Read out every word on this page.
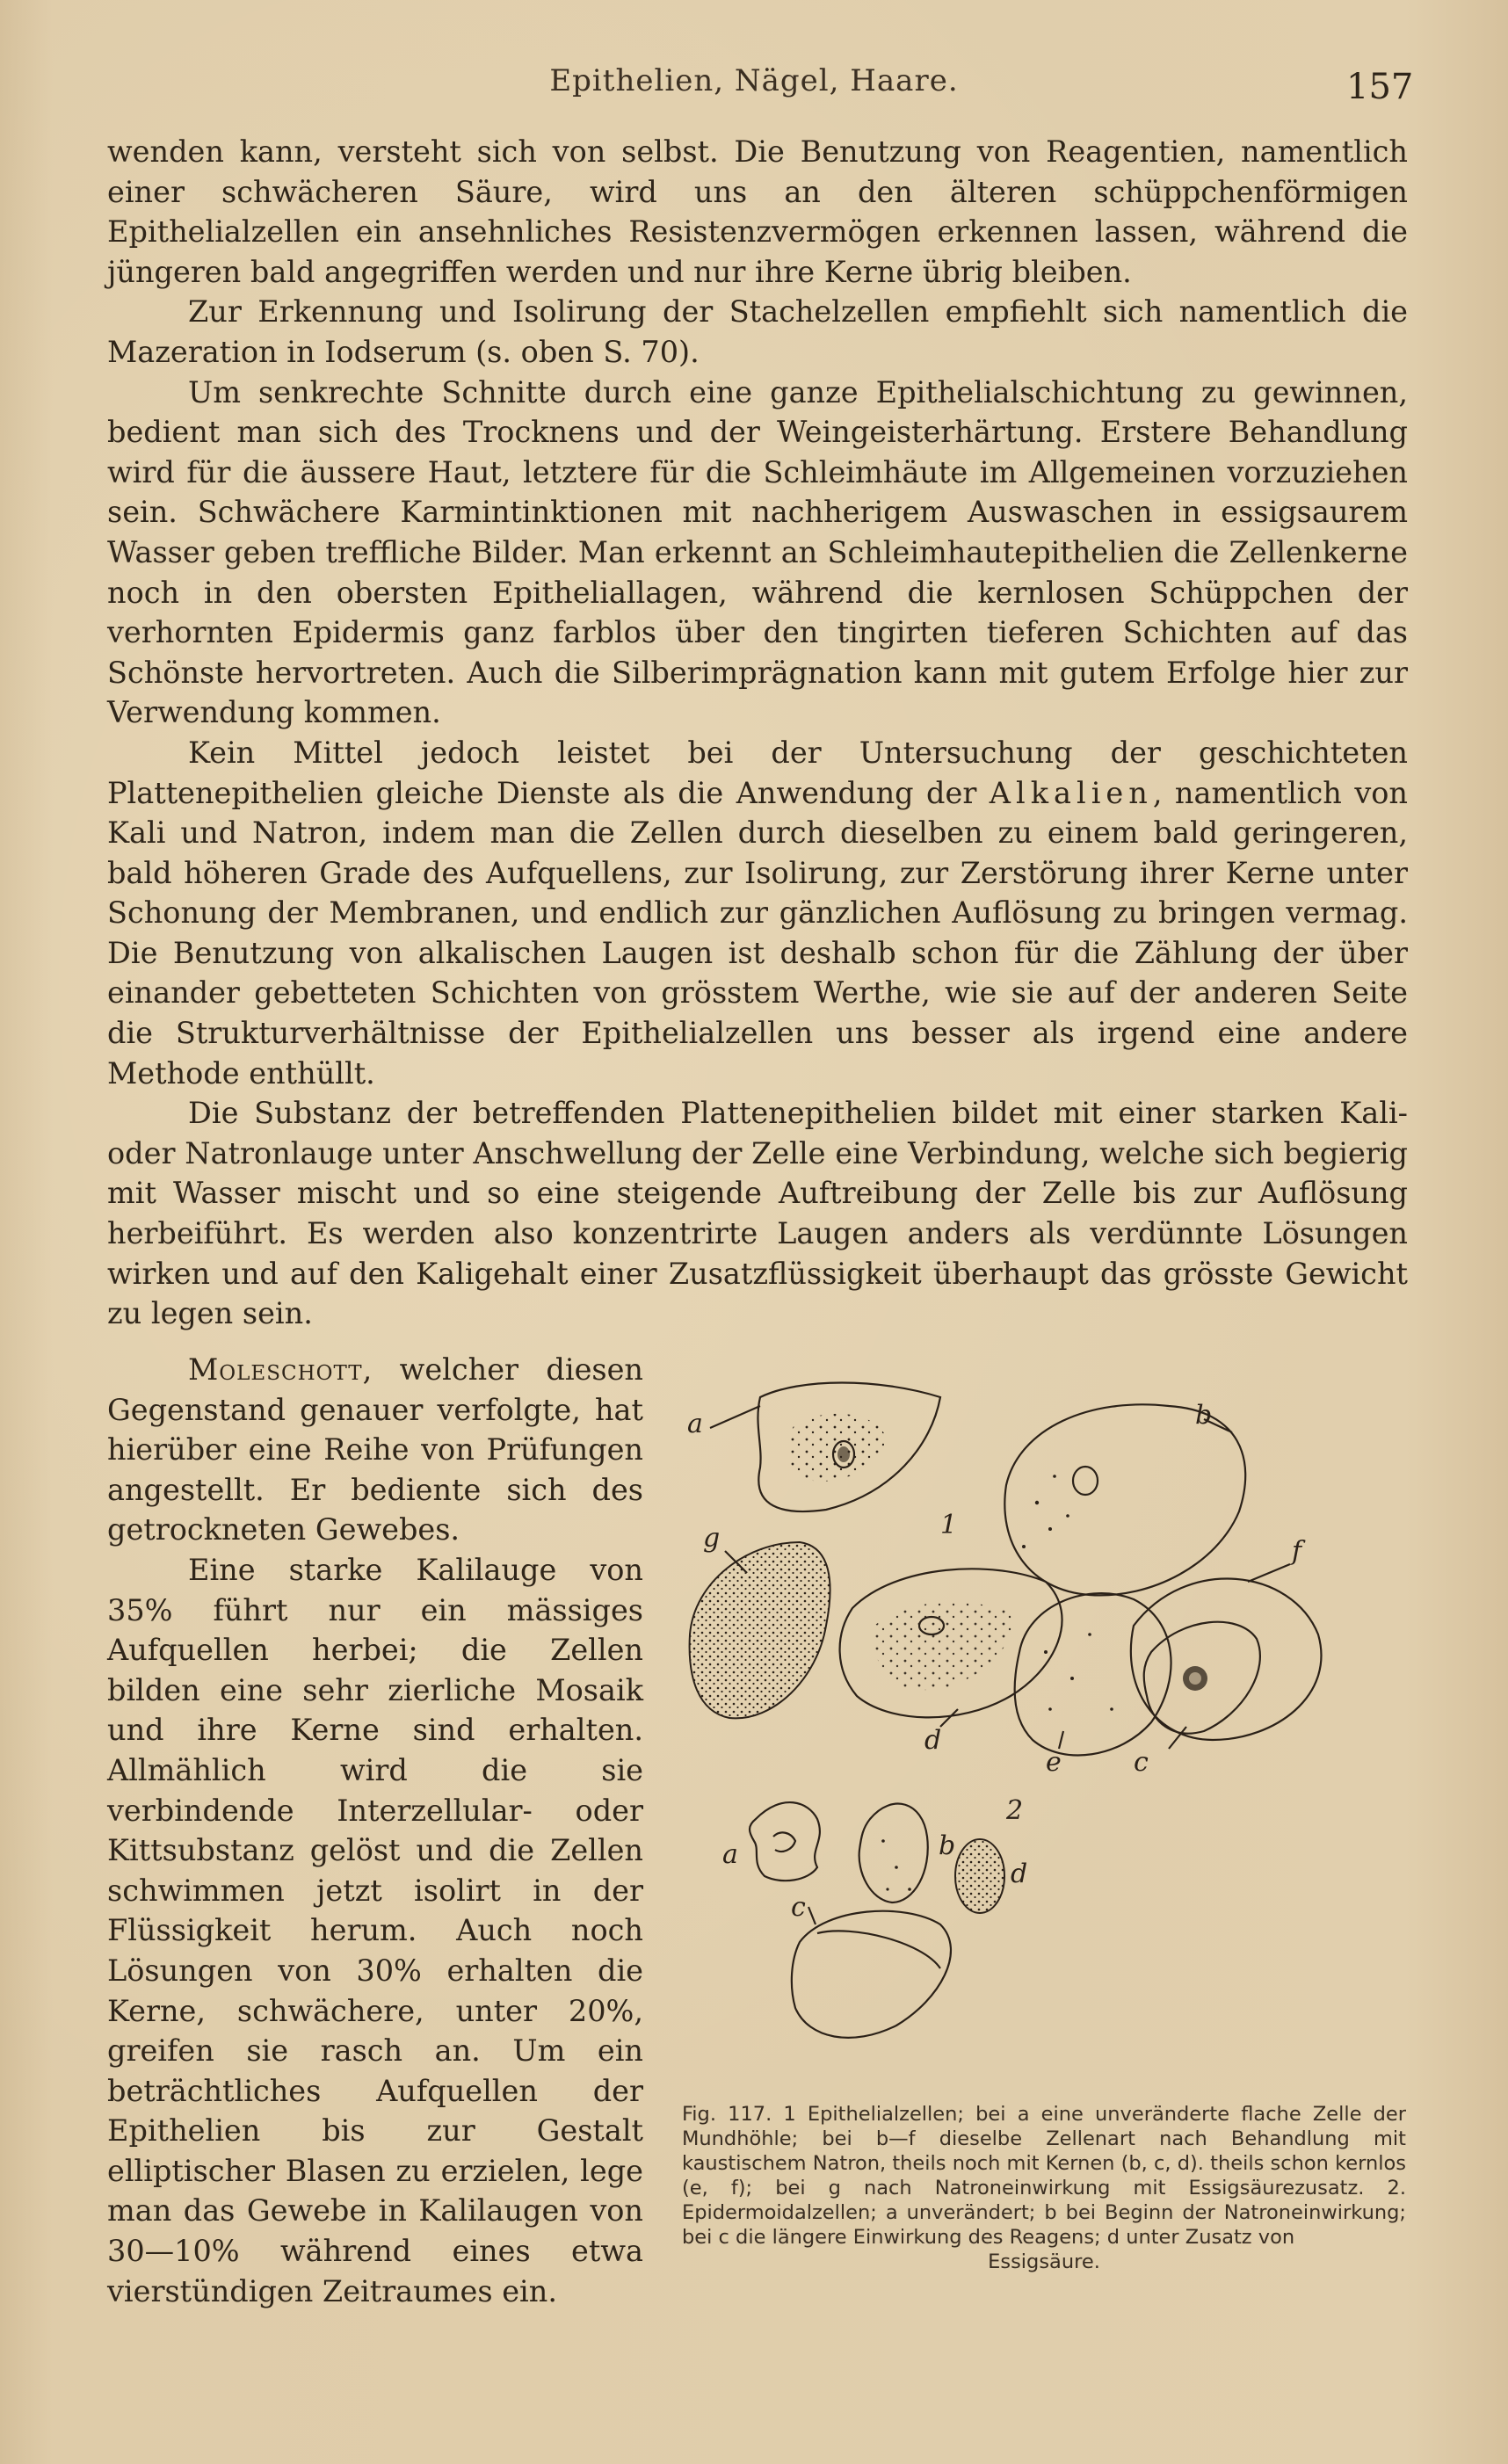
Epithelien, Nägel, Haare.	157

wenden kann, versteht sich von selbst. Die Benutzung von Reagentien, namentlich einer schwächeren Säure, wird uns an den älteren schüppchenförmigen Epithelialzellen ein ansehnliches Resistenzvermögen erkennen lassen, während die jüngeren bald angegriffen werden und nur ihre Kerne übrig bleiben.

Zur Erkennung und Isolirung der Stachelzellen empfiehlt sich namentlich die Mazeration in Iodserum (s. oben S. 70).

Um senkrechte Schnitte durch eine ganze Epithelialschichtung zu gewinnen, bedient man sich des Trocknens und der Weingeisterhärtung. Erstere Behandlung wird für die äussere Haut, letztere für die Schleimhäute im Allgemeinen vorzuziehen sein. Schwächere Karmintinktionen mit nachherigem Auswaschen in essigsaurem Wasser geben treffliche Bilder. Man erkennt an Schleimhautepithelien die Zellenkerne noch in den obersten Epitheliallagen, während die kernlosen Schüppchen der verhornten Epidermis ganz farblos über den tingirten tieferen Schichten auf das Schönste hervortreten. Auch die Silberimprägnation kann mit gutem Erfolge hier zur Verwendung kommen.

Kein Mittel jedoch leistet bei der Untersuchung der geschichteten Plattenepithelien gleiche Dienste als die Anwendung der Alkalien, namentlich von Kali und Natron, indem man die Zellen durch dieselben zu einem bald geringeren, bald höheren Grade des Aufquellens, zur Isolirung, zur Zerstörung ihrer Kerne unter Schonung der Membranen, und endlich zur gänzlichen Auflösung zu bringen vermag. Die Benutzung von alkalischen Laugen ist deshalb schon für die Zählung der über einander gebetteten Schichten von grösstem Werthe, wie sie auf der anderen Seite die Strukturverhältnisse der Epithelialzellen uns besser als irgend eine andere Methode enthüllt.

Die Substanz der betreffenden Plattenepithelien bildet mit einer starken Kali- oder Natronlauge unter Anschwellung der Zelle eine Verbindung, welche sich begierig mit Wasser mischt und so eine steigende Auftreibung der Zelle bis zur Auflösung herbeiführt. Es werden also konzentrirte Laugen anders als verdünnte Lösungen wirken und auf den Kaligehalt einer Zusatzflüssigkeit überhaupt das grösste Gewicht zu legen sein.

Moleschott, welcher diesen Gegenstand genauer verfolgte, hat hierüber eine Reihe von Prüfungen angestellt. Er bediente sich des getrockneten Gewebes.

Eine starke Kalilauge von 35% führt nur ein mässiges Aufquellen herbei; die Zellen bilden eine sehr zierliche Mosaik und ihre Kerne sind erhalten. Allmählich wird die sie verbindende Interzellular- oder Kittsubstanz gelöst und die Zellen schwimmen jetzt isolirt in der Flüssigkeit herum. Auch noch Lösungen von 30% erhalten die Kerne, schwächere, unter 20%, greifen sie rasch an. Um ein beträchtliches Aufquellen der Epithelien bis zur Gestalt elliptischer Blasen zu erzielen, lege man das Gewebe in Kalilaugen von 30—10% während eines etwa vierstündigen Zeitraumes ein.

a	b
f
g
d
e	c
1
2
a	b
c
d
Fig. 117. 1 Epithelialzellen; bei a eine unveränderte flache Zelle der Mundhöhle; bei b—f dieselbe Zellenart nach Behandlung mit kaustischem Natron, theils noch mit Kernen (b, c, d). theils schon kernlos (e, f); bei g nach Natroneinwirkung mit Essigsäurezusatz. 2. Epidermoidalzellen; a unverändert; b bei Beginn der Natroneinwirkung; bei c die längere Einwirkung des Reagens; d unter Zusatz von
Essigsäure.
